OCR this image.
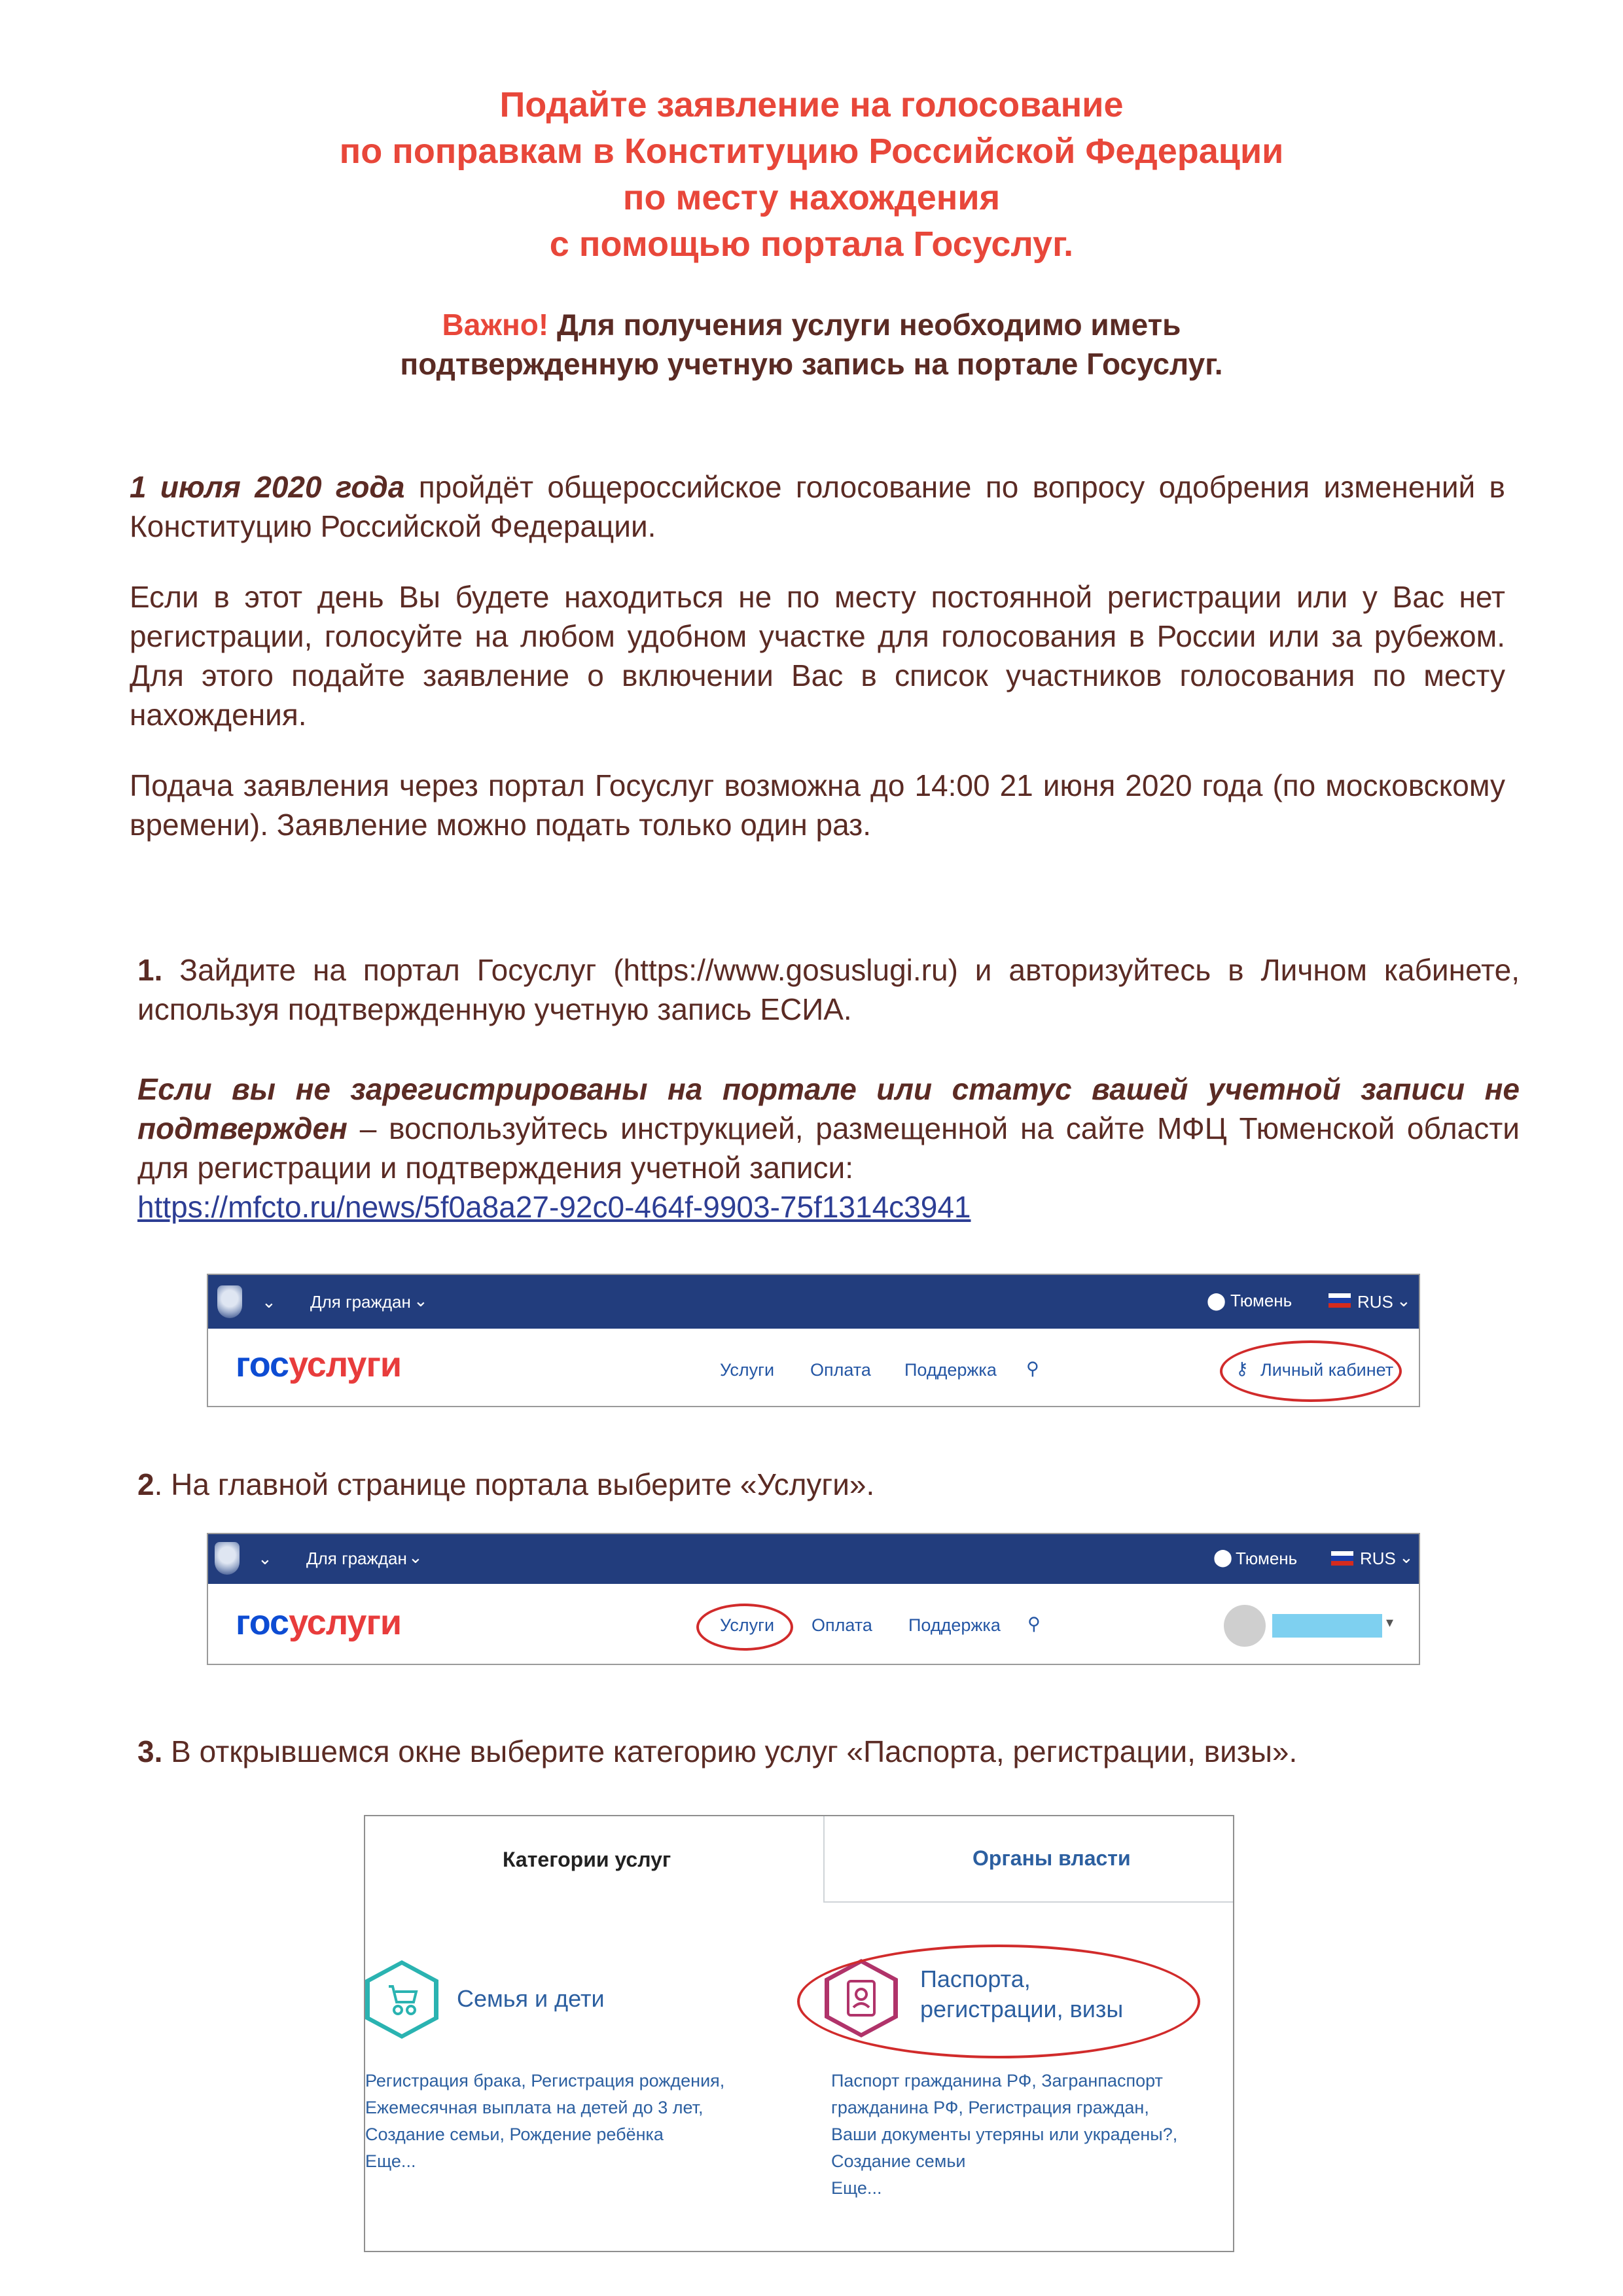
Подайте заявление на голосование
по поправкам в Конституцию Российской Федерации
по месту нахождения
с помощью портала Госуслуг.
Важно! Для получения услуги необходимо иметь
подтвержденную учетную запись на портале Госуслуг.
1 июля 2020 года пройдёт общероссийское голосование по вопросу одобрения изменений в Конституцию Российской Федерации.
Если в этот день Вы будете находиться не по месту постоянной регистрации или у Вас нет регистрации, голосуйте на любом удобном участке для голосования в России или за рубежом. Для этого подайте заявление о включении Вас в список участников голосования по месту нахождения.
Подача заявления через портал Госуслуг возможна до 14:00 21 июня 2020 года (по московскому времени). Заявление можно подать только один раз.
1. Зайдите на портал Госуслуг (https://www.gosuslugi.ru) и авторизуйтесь в Личном кабинете, используя подтвержденную учетную запись ЕСИА.
Если вы не зарегистрированы на портале или статус вашей учетной записи не подтвержден – воспользуйтесь инструкцией, размещенной на сайте МФЦ Тюменской области для регистрации и подтверждения учетной записи:
https://mfcto.ru/news/5f0a8a27-92c0-464f-9903-75f1314c3941
⌄ Для граждан ⌄	⬤ Тюмень	RUS ⌄
госуслуги	Услуги Оплата Поддержка ⚲	⚷ Личный кабинет
2. На главной странице портала выберите «Услуги».
⌄ Для граждан ⌄	⬤ Тюмень	RUS ⌄
госуслуги	Услуги Оплата Поддержка ⚲	▾
3. В открывшемся окне выберите категорию услуг «Паспорта, регистрации, визы».
Категории услуг	Органы власти
Семья и дети
Регистрация брака, Регистрация рождения,
Ежемесячная выплата на детей до 3 лет,
Создание семьи, Рождение ребёнка
Еще...
Паспорта,
регистрации, визы
Паспорт гражданина РФ, Загранпаспорт
гражданина РФ, Регистрация граждан,
Ваши документы утеряны или украдены?,
Создание семьи
Еще...
